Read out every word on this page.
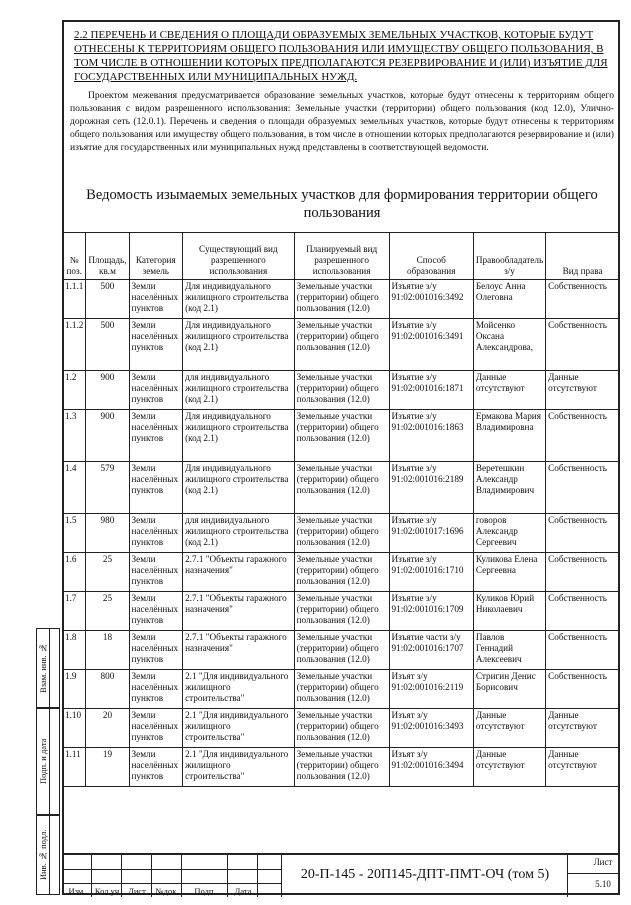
2.2 ПЕРЕЧЕНЬ И СВЕДЕНИЯ О ПЛОЩАДИ ОБРАЗУЕМЫХ ЗЕМЕЛЬНЫХ УЧАСТКОВ, КОТОРЫЕ БУДУТ ОТНЕСЕНЫ К ТЕРРИТОРИЯМ ОБЩЕГО ПОЛЬЗОВАНИЯ ИЛИ ИМУЩЕСТВУ ОБЩЕГО ПОЛЬЗОВАНИЯ, В ТОМ ЧИСЛЕ В ОТНОШЕНИИ КОТОРЫХ ПРЕДПОЛАГАЮТСЯ РЕЗЕРВИРОВАНИЕ И (ИЛИ) ИЗЪЯТИЕ ДЛЯ ГОСУДАРСТВЕННЫХ ИЛИ МУНИЦИПАЛЬНЫХ НУЖД.
Проектом межевания предусматривается образование земельных участков, которые будут отнесены к территориям общего пользования с видом разрешенного использования: Земельные участки (территории) общего пользования (код 12.0), Улично-дорожная сеть (12.0.1). Перечень и сведения о площади образуемых земельных участков, которые будут отнесены к территориям общего пользования или имуществу общего пользования, в том числе в отношении которых предполагаются резервирование и (или) изъятие для государственных или муниципальных нужд представлены в соответствующей ведомости.
Ведомость изымаемых земельных участков для формирования территории общего пользования
№ поз.	Площадь, кв.м	Категория земель	Существующий вид разрешенного использования	Планируемый вид разрешенного использования	Способ образования	Правообладатель з/у	Вид права
1.1.1	500	Земли населённых пунктов	Для индивидуального жилищного строительства (код 2.1)	Земельные участки (территории) общего пользования (12.0)	Изъятие з/у 91:02:001016:3492	Белоус Анна Олеговна	Собственность
1.1.2	500	Земли населённых пунктов	Для индивидуального жилищного строительства (код 2.1)	Земельные участки (территории) общего пользования (12.0)	Изъятие з/у 91:02:001016:3491	Мойсенко Оксана Александрова,	Собственность
1.2	900	Земли населённых пунктов	для индивидуального жилищного строительства (код 2.1)	Земельные участки (территории) общего пользования (12.0)	Изъятие з/у 91:02:001016:1871	Данные отсутствуют	Данные отсутствуют
1.3	900	Земли населённых пунктов	Для индивидуального жилищного строительства (код 2.1)	Земельные участки (территории) общего пользования (12.0)	Изъятие з/у 91:02:001016:1863	Ермакова Мария Владимировна	Собственность
1.4	579	Земли населённых пунктов	Для индивидуального жилищного строительства (код 2.1)	Земельные участки (территории) общего пользования (12.0)	Изъятие з/у 91:02:001016:2189	Веретешкин Александр Владимирович	Собственность
1.5	980	Земли населённых пунктов	для индивидуального жилищного строительства (код 2.1)	Земельные участки (территории) общего пользования (12.0)	Изъятие з/у 91:02:001017:1696	говоров Александр Сергеевич	Собственность
1.6	25	Земли населённых пунктов	2.7.1 "Объекты гаражного назначения"	Земельные участки (территории) общего пользования (12.0)	Изъятие з/у 91:02:001016:1710	Куликова Елена Сергеевна	Собственность
1.7	25	Земли населённых пунктов	2.7.1 "Объекты гаражного назначения"	Земельные участки (территории) общего пользования (12.0)	Изъятие з/у 91:02:001016:1709	Куликов Юрий Николаевич	Собственность
1.8	18	Земли населённых пунктов	2.7.1 "Объекты гаражного назначения"	Земельные участки (территории) общего пользования (12.0)	Изъятие части з/у 91:02:001016:1707	Павлов Геннадий Алексеевич	Собственность
1.9	800	Земли населённых пунктов	2.1 "Для индивидуального жилищного строительства"	Земельные участки (территории) общего пользования (12.0)	Изъят з/у 91:02:001016:2119	Стригин Денис Борисович	Собственность
1.10	20	Земли населённых пунктов	2.1 "Для индивидуального жилищного строительства"	Земельные участки (территории) общего пользования (12.0)	Изъят з/у 91:02:001016:3493	Данные отсутствуют	Данные отсутствуют
1.11	19	Земли населённых пунктов	2.1 "Для индивидуального жилищного строительства"	Земельные участки (территории) общего пользования (12.0)	Изъят з/у 91:02:001016:3494	Данные отсутствуют	Данные отсутствуют
Взам. инв. №
Подп. и дата
Инв. № подл.
Изм.	Кол.уч	Лист	№док.	Подп.	Дата
20-П-145 - 20П145-ДПТ-ПМТ-ОЧ (том 5)
Лист
5.10
